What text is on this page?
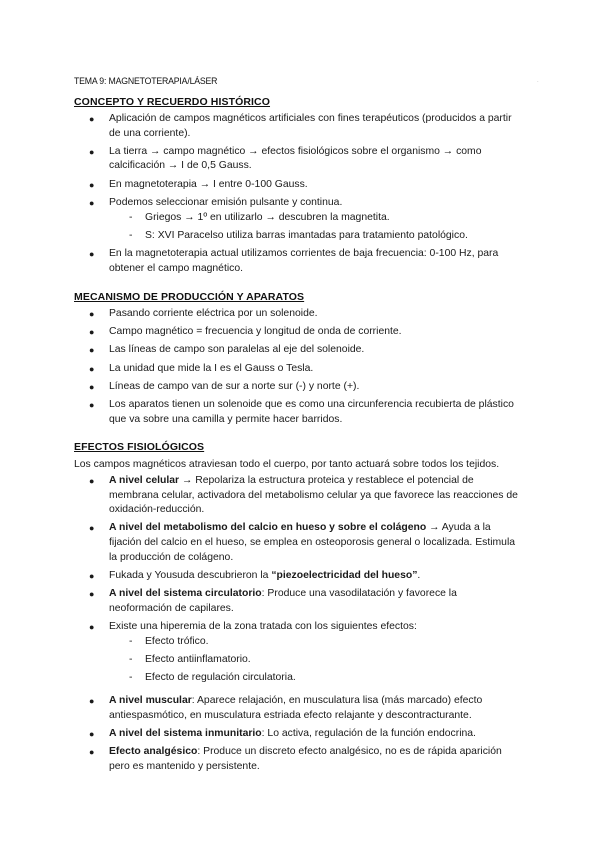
TEMA 9: MAGNETOTERAPIA/LÁSER	.
CONCEPTO Y RECUERDO HISTÓRICO
● Aplicación de campos magnéticos artificiales con fines terapéuticos (producidos a partir de una corriente).
● La tierra → campo magnético → efectos fisiológicos sobre el organismo → como calcificación → I de 0,5 Gauss.
● En magnetoterapia → I entre 0-100 Gauss.
● Podemos seleccionar emisión pulsante y continua.
- Griegos → 1º en utilizarlo → descubren la magnetita.
- S: XVI Paracelso utiliza barras imantadas para tratamiento patológico.
● En la magnetoterapia actual utilizamos corrientes de baja frecuencia: 0-100 Hz, para obtener el campo magnético.
MECANISMO DE PRODUCCIÓN Y APARATOS
● Pasando corriente eléctrica por un solenoide.
● Campo magnético = frecuencia y longitud de onda de corriente.
● Las líneas de campo son paralelas al eje del solenoide.
● La unidad que mide la I es el Gauss o Tesla.
● Líneas de campo van de sur a norte sur (-) y norte (+).
● Los aparatos tienen un solenoide que es como una circunferencia recubierta de plástico que va sobre una camilla y permite hacer barridos.
EFECTOS FISIOLÓGICOS
Los campos magnéticos atraviesan todo el cuerpo, por tanto actuará sobre todos los tejidos.
● A nivel celular → Repolariza la estructura proteica y restablece el potencial de membrana celular, activadora del metabolismo celular ya que favorece las reacciones de oxidación-reducción.
● A nivel del metabolismo del calcio en hueso y sobre el colágeno → Ayuda a la fijación del calcio en el hueso, se emplea en osteoporosis general o localizada. Estimula la producción de colágeno.
● Fukada y Yousuda descubrieron la “piezoelectricidad del hueso”.
● A nivel del sistema circulatorio: Produce una vasodilatación y favorece la neoformación de capilares.
● Existe una hiperemia de la zona tratada con los siguientes efectos:
- Efecto trófico.
- Efecto antiinflamatorio.
- Efecto de regulación circulatoria.
● A nivel muscular: Aparece relajación, en musculatura lisa (más marcado) efecto antiespasmótico, en musculatura estriada efecto relajante y descontracturante.
● A nivel del sistema inmunitario: Lo activa, regulación de la función endocrina.
● Efecto analgésico: Produce un discreto efecto analgésico, no es de rápida aparición pero es mantenido y persistente.
